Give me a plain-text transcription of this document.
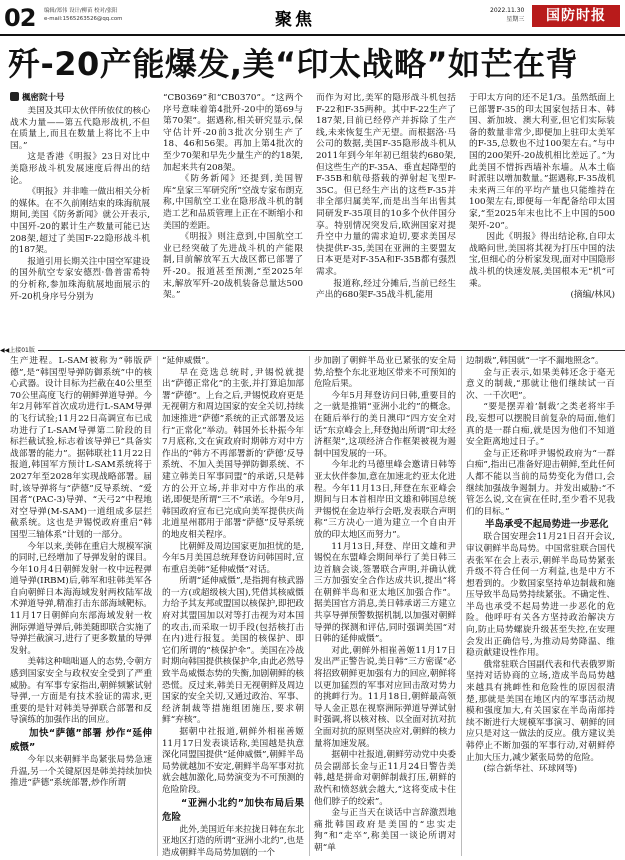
02 编辑/郑伟 设计/柳苗 校对/张阳
e-mail:1565263526@qq.com	聚焦	2022.11.30
星期三	国防时报
歼-20产能爆发,美“印太战略”如芒在背
楓密院十号

美国及其印太伙伴所依仗的核心战术力量——第五代隐形战机,不但在质量上,而且在数量上将比不上中国。”

这是香港《明报》23日对比中美隐形战斗机发展速度后得出的结论。

《明报》并非唯一做出相关分析的媒体。在不久前刚结束的珠海航展期间,美国《防务新闻》就公开表示,中国歼-20的累计生产数量可能已达208架,超过了美国F-22隐形战斗机的187架。

报道引用长期关注中国空军建设的国外航空专家安德烈·鲁普雷希特的分析称,参加珠海航展地面展示的歼-20机身序号分别为

“CB0369”和“CB0370”。“这两个序号意味着第4批歼-20中的第69与第70架”。据遇称,相关研究显示,保守估计歼-20前3批次分别生产了18、46和56架。再加上第4批次的至少70架和早先少量生产的约18架,加起来共有208架。

《防务新闻》还提到,美国智库“皇家三军研究所”空战专家布朗克称,中国航空工业在隐形战斗机的制造工艺和品质管理上正在不断缩小和美国的差距。

《明报》则注意到,中国航空工业已经突破了先进战斗机的产能限制,目前解放军五大战区都已部署了歼-20。报道甚至预测,“至2025年末,解放军歼-20战机装备总量达500架。”

而作为对比,美军的隐形战斗机包括F-22和F-35两种。其中F-22生产了187架,目前已经停产并拆除了生产线,未来恢复生产无望。而根据洛·马公司的数据,美国F-35隐形战斗机从2011年到今年年初已组装约680架,但这些生产的F-35A、垂直起降型的F-35B和航母搭载的弹射起飞型F-35C。但已经生产出的这些F-35并非全部归属美军,而是出当年出售其同研发F-35项目的10多个伙伴国分享。特别情况突发后,欧洲国家对提升空中力量的需求迫切,要求美国尽快提供F-35,美国在亚洲的主要盟友日本更是对F-35A和F-35B都有强烈需求。

报道称,经过分摊后,当前已经生产出的680架F-35战斗机,能用

于印太方向的还不足1/3。虽然纸面上已部署F-35的印太国家包括日本、韩国、新加坡、澳大利亚,但它们实际装备的数量非常少,即便加上驻印太美军的F-35,总数也不过100架左右。”与中国的200架歼-20战机相比差远了。”为此美国不惜拆西墙补东墙。从本土临时派驻以增加数量。”据遇称,F-35战机未来两三年的平均产量也只能维持在100架左右,即便每一年配备给印太国家,“至2025年末也比不上中国的500架歼-20”。

因此《明报》得出结论称,自印太战略问世,美国将其视为打压中国的法宝,但细心的分析家发现,面对中国隐形战斗机的快速发展,美国根本无“机”可乘。

(摘编/林风)

◀◀上接01版

生产进程。L-SAM被称为“韩版萨德”,是“韩国型导弹防御系统”中的核心武器。设计目标为拦截在40公里至70公里高度飞行的朝鲜弹道导弹。今年2月韩军首次成功进行L-SAM导弹的飞行试验;11月22日高调宣布已成功进行了L-SAM导弹第二阶段的目标拦截试验,标志着该导弹已“具备实战部署的能力”。据韩联社11月22日报道,韩国军方预计L-SAM系统将于2027年至2028年实现战略部署。届时,该导弹将与“萨德”反导系统、“爱国者”(PAC-3)导弹、“天弓2”中程地对空导弹(M-SAM)一道组成多层拦截系统。这也是尹锡悦政府重启“韩国型三轴体系”计划的一部分。

今年以来,美韩在重启大规模军演的同时,已经增加了导弹发射的课目。今年10月4日朝鲜发射一枚中远程弹道导弹(IRBM)后,韩军和驻韩美军各自向朝鲜日本海海域发射两枚陆军战术弹道导弹,精准打击东部海域靶标。11月17日朝鲜向东部海域发射一枚洲际弹道导弹后,韩美随即联合实施了导弹拦截演习,进行了更多数量的导弹发射。

美韩这种咄咄逼人的态势,令朝方感到国家安全与政权安全受到了严重威胁。有军事专家指出,朝鲜频繁试射导弹,一方面是有技术验证的需求,更重要的是针对韩美导弹联合部署和反导演练的加强作出的回应。

加快“萨德”部署 炒作“延伸威慑”

今年以来朝鲜半岛紧张局势急速升温,另一个关键原因是韩美持续加快推进“萨德”系统部署,炒作所谓

“延伸威慑”。

早在竞选总统时,尹锡悦就提出“萨德正常化”的主张,并打算追加部署“萨德”。上台之后,尹锡悦政府更是无视朝方和周边国家的安全关切,持续加速推进“萨德”系统的正式部署及运行“正常化”举动。韩国外长朴振今年7月底称,文在寅政府时期韩方对中方作出的“韩方不再部署新的‘萨德’反导系统、不加入美国导弹防御系统、不建立韩美日军事同盟”的承诺,只是韩方的公开立场,并非对中方作出的承诺,即便是所谓“三不”承诺。今年9月,韩国政府宣布已完成向美军提供庆尚北道星州郡用于部署“萨德”反导系统的地皮相关程序。

比朝鲜及周边国家更加担忧的是,今年5月美国总统拜登访问韩国时,宣布重启美韩“延伸威慑”对话。

所谓“延伸威慑”,是指拥有核武器的一方(或超级核大国),凭借其核威慑力给予其友邦或盟国以核保护,即把政府对其盟国加以对等打击视为对本国的攻击,而采取一切手段(包括核打击在内)进行报复。美国的核保护、即它们所谓的“核保护伞”。美国在冷战时期向韩国提供核保护伞,由此必然导致半岛威慑态势的失衡,加剧朝鲜的核恐慌。反过来,韩美日无视朝鲜及周边国家的安全关切,又通过政治、军事、经济制裁等措施组团施压,要求朝鲜“弃核”。

据朝中社报道,朝鲜外相崔善姬11月17日发表谈话称,美国越是执意深化同盟国提供“延伸威慑”,朝鲜半岛局势就越加不安定,朝鲜半岛军事对抗就会越加激化,局势演变为不可预测的危险阶段。

“亚洲小北约”加快布局后果危险

此外,美国近年来拉拢日韩在东北亚地区打造的所谓“亚洲小北约”,也是造成朝鲜半岛局势加剧的一个

步加剧了朝鲜半岛业已紧张的安全局势,给整个东北亚地区带来不可预知的危险后果。

今年5月拜登访问日韩,重要目的之一就是推销“亚洲小北约”的概念。在随后举行的美日澳印“四方安全对话”东京峰会上,拜登抛出所谓“印太经济框架”,这项经济合作框架被视为遏制中国发展的一环。

今年北约马德里峰会邀请日韩等亚太伙伴参加,意在加速北约亚太化进程。今年11月13日,拜登在东亚峰会期间与日本首相岸田文雄和韩国总统尹锡悦在金边举行会晤,发表联合声明称“三方决心一道为建立一个自由开放的印太地区而努力”。

11月13日,拜登、岸田文雄和尹锡悦在东盟峰会期间举行了美日韩三边首脑会谈,签署联合声明,并确认就三方加强安全合作达成共识,提出“将在朝鲜半岛和亚太地区加强合作”。据美国官方消息,美日韩承诺三方建立共享导弹预警数据机制,以加强对朝鲜导弹的探测和评估,同时强调美国“对日韩的延伸威慑”。

对此,朝鲜外相崔善姬11月17日发出严正警告说,美日韩“三方密谋”必将招致朝鲜更加强有力的回应,朝鲜将以更加猛烈的军事对应回击敌对势力的挑衅行为。11月18日,朝鲜最高领导人金正恩在视察洲际弹道导弹试射时强调,将以核对核、以全面对抗对抗全面对抗的原则坚决应对,朝鲜的核力量将加速发展。

据朝中社报道,朝鲜劳动党中央委员会副部长金与正11月24日警告美韩,越是拼命对朝鲜制裁打压,朝鲜的敌忾和愤怒就会越大,“这将变成卡住他们脖子的绞索”。

金与正当天在谈话中言辞激烈地痛批韩国政府是美国的“忠实走狗”和“走卒”,称美国一谈论所谓对朝“单

边制裁”,韩国就“一字不漏地照念”。

金与正表示,如果美韩还念于毫无意义的制裁,“那就让他们继续试一百次、一千次吧”。

“要是摆弄着‘制裁’之类老将牢手段,妄想可以摆脱目前复杂的局面,他们真的是一群白痴,就是因为他们不知道安全距离地过日子。”

金与正还称呼尹锡悦政府为“一群白痴”,指出已准备好迎击朝鲜,至此任何人都不能以当前的局势变化为借口,会继续加强战争遏制力。并发出威胁:“不管怎么说,文在寅在任时,至少看不见我们的目标。”

半岛承受不起局势进一步恶化

联合国安理会11月21日召开会议,审议朝鲜半岛局势。中国常驻联合国代表张军在会上表示,朝鲜半岛局势紧张升级不符合任何一方利益,也是中方不想看到的。少数国家坚持单边制裁和施压导致半岛局势持续紧张。不确定性、半岛也承受不起局势进一步恶化的危险。他呼吁有关各方坚持政治解决方向,防止局势螺旋升级甚至失控,在安理会发出正确信号,为推动局势降温、维稳贡献建设性作用。

俄常驻联合国副代表和代表俄罗斯坚持对话协商的立场,造成半岛局势越来越具有挑衅性和危险性的原因很清楚,那就是美国在地区内的军事活动规模和强度加大,有关国家在半岛南部持续不断进行大规模军事演习、朝鲜的回应只是对这一做法的反应。俄方建议美韩停止不断加强的军事行动,对朝鲜停止加大压力,减少紧张局势的危险。

(综合新华社、环球网等)
